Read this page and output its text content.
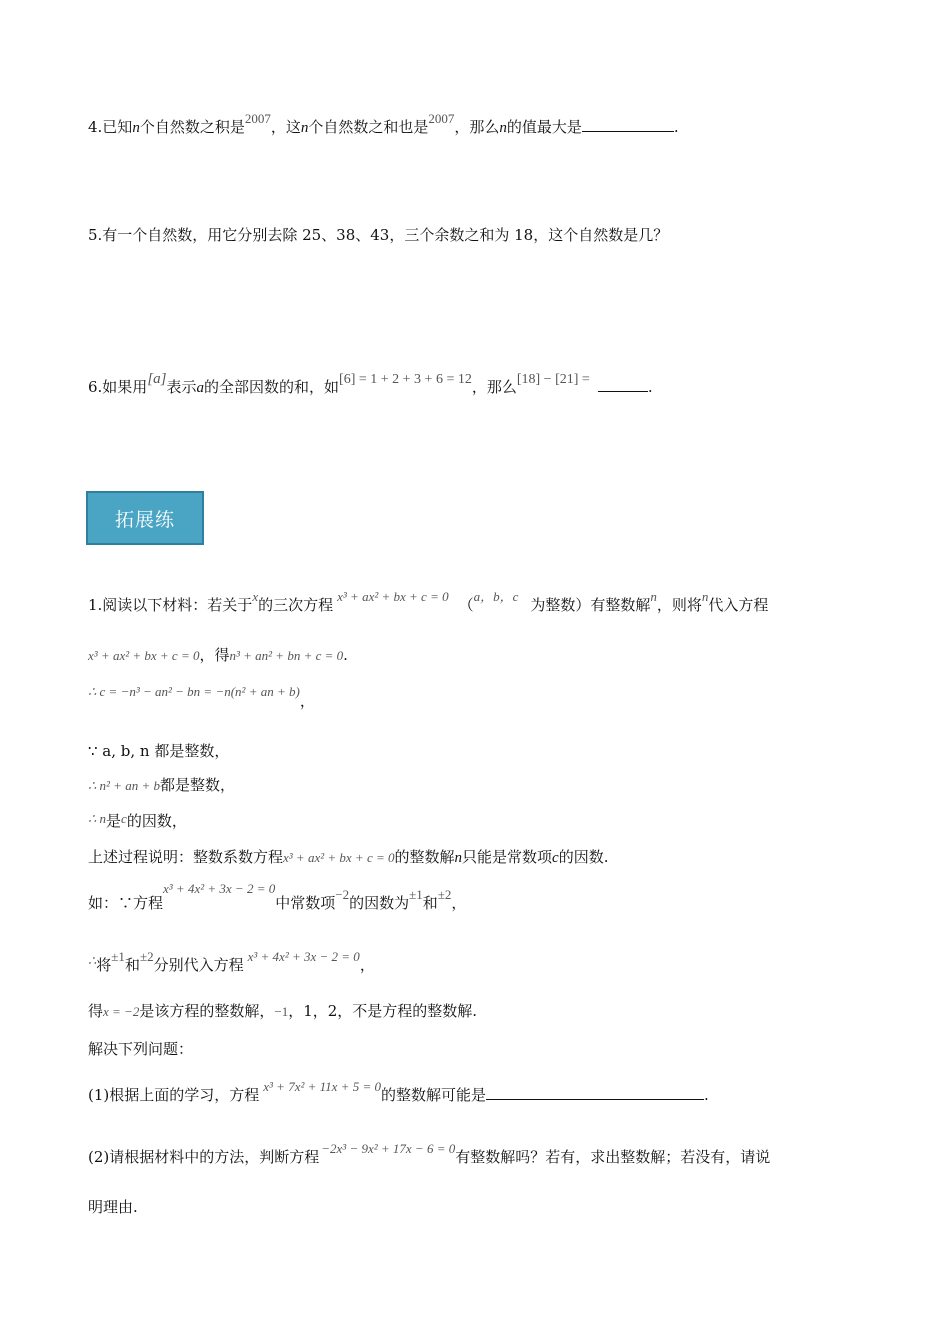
4.已知n个自然数之积是2007，这n个自然数之和也是2007，那么n的值最大是	.
5.有一个自然数，用它分别去除 25、38、43，三个余数之和为 18，这个自然数是几？
6.如果用[a]表示a的全部因数的和，如[6] = 1 + 2 + 3 + 6 = 12，那么[18] − [21] =	.
拓展练
1.阅读以下材料：若关于x的三次方程 x³ + ax² + bx + c = 0 （a，b，c 为整数）有整数解n，则将n代入方程
x³ + ax² + bx + c = 0，得n³ + an² + bn + c = 0.
∴ c = −n³ − an² − bn = −n(n² + an + b)，
∵ a, b, n 都是整数，
∴ n² + an + b都是整数，
∴ n是c的因数，
上述过程说明：整数系数方程x³ + ax² + bx + c = 0的整数解n只能是常数项c的因数.
如：∵方程x³ + 4x² + 3x − 2 = 0中常数项−2的因数为±1和±2，
∴将±1和±2分别代入方程 x³ + 4x² + 3x − 2 = 0，
得x = −2是该方程的整数解，−1，1，2，不是方程的整数解.
解决下列问题：
(1)根据上面的学习，方程 x³ + 7x² + 11x + 5 = 0的整数解可能是	.
(2)请根据材料中的方法，判断方程 −2x³ − 9x² + 17x − 6 = 0有整数解吗？若有，求出整数解；若没有，请说
明理由.
